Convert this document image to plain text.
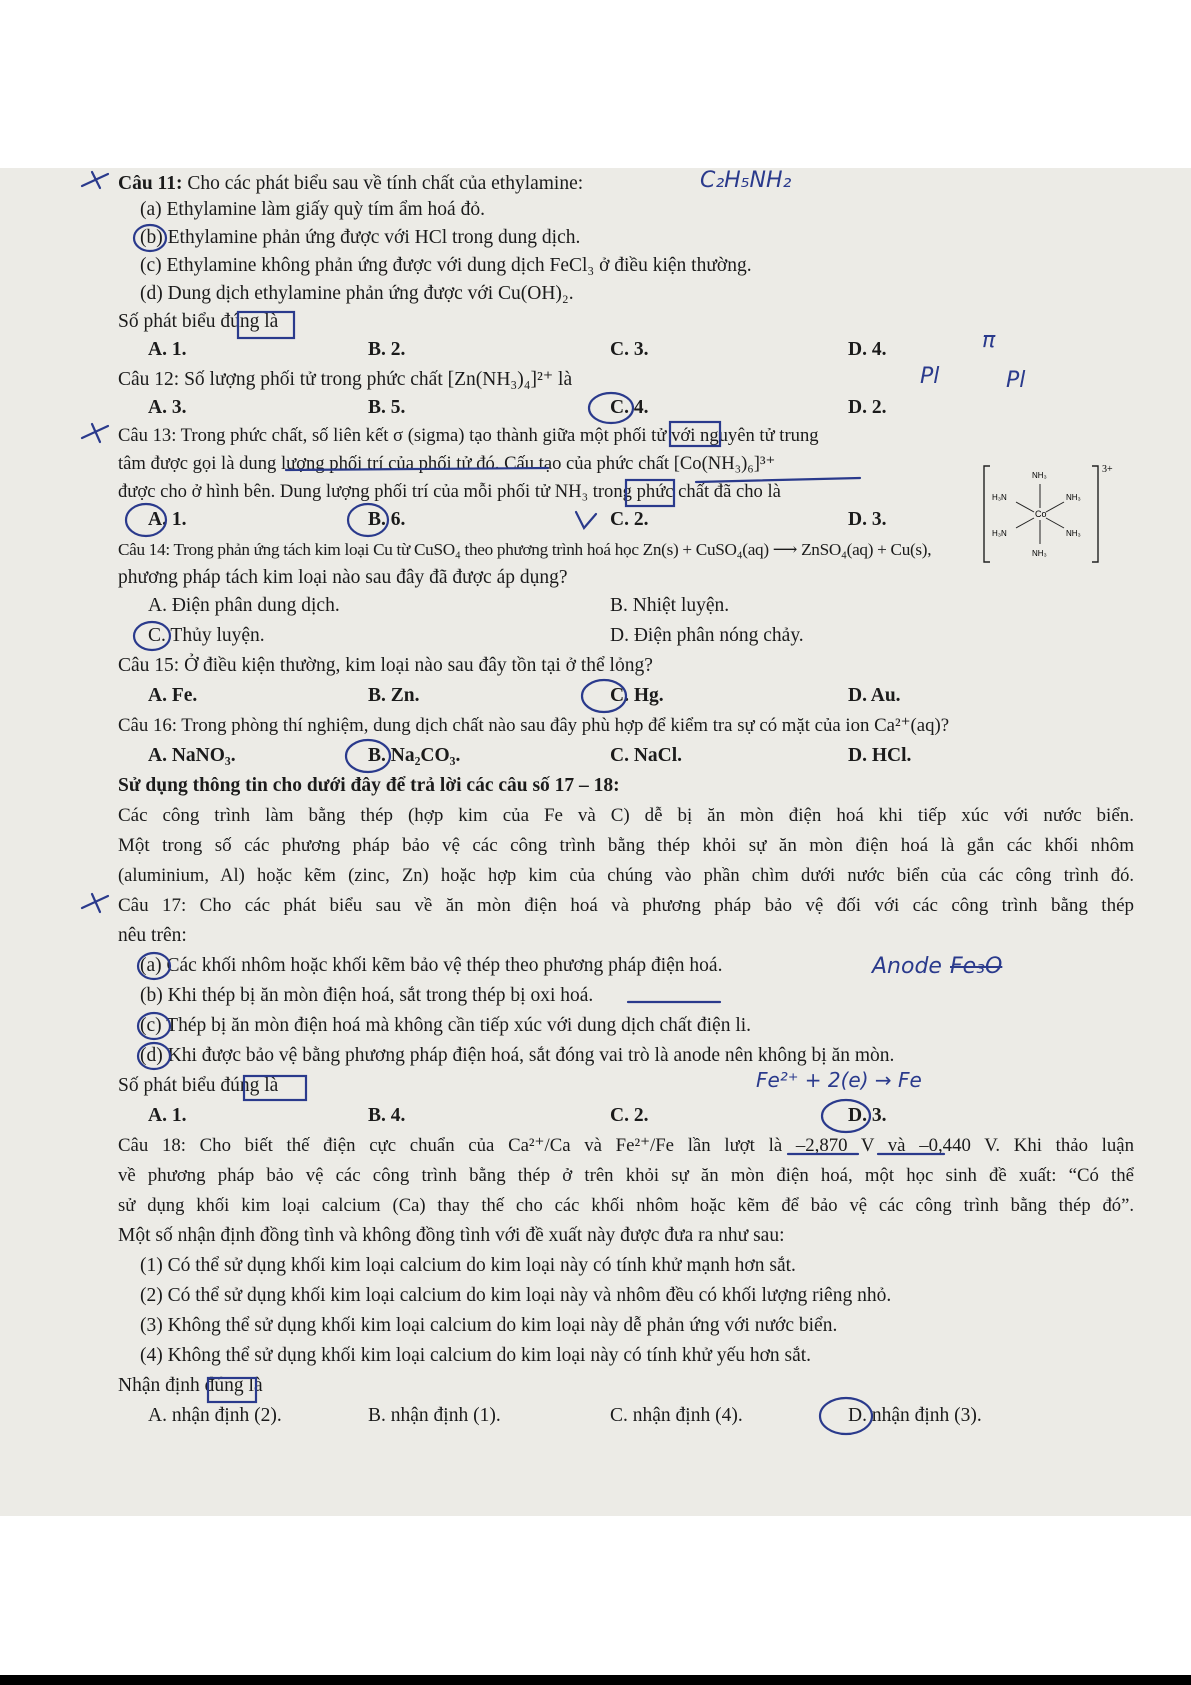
Câu 11: Cho các phát biểu sau về tính chất của ethylamine:
(a) Ethylamine làm giấy quỳ tím ẩm hoá đỏ.
(b) Ethylamine phản ứng được với HCl trong dung dịch.
(c) Ethylamine không phản ứng được với dung dịch FeCl₃ ở điều kiện thường.
(d) Dung dịch ethylamine phản ứng được với Cu(OH)₂.
Số phát biểu đúng là
A. 1.	B. 2.	C. 3.	D. 4.
Câu 12: Số lượng phối tử trong phức chất [Zn(NH₃)₄]²⁺ là
A. 3.	B. 5.	C. 4.	D. 2.
Câu 13: Trong phức chất, số liên kết σ (sigma) tạo thành giữa một phối tử với nguyên tử trung
tâm được gọi là dung lượng phối trí của phối tử đó. Cấu tạo của phức chất [Co(NH₃)₆]³⁺
được cho ở hình bên. Dung lượng phối trí của mỗi phối tử NH₃ trong phức chất đã cho là
A. 1.	B. 6.	C. 2.	D. 3.
3+
Co
NH₃
H₃N	NH₃
H₃N	NH₃
NH₃
Câu 14: Trong phản ứng tách kim loại Cu từ CuSO₄ theo phương trình hoá học Zn(s) + CuSO₄(aq) ⟶ ZnSO₄(aq) + Cu(s),
phương pháp tách kim loại nào sau đây đã được áp dụng?
A. Điện phân dung dịch.	B. Nhiệt luyện.
C. Thủy luyện.	D. Điện phân nóng chảy.
Câu 15: Ở điều kiện thường, kim loại nào sau đây tồn tại ở thể lỏng?
A. Fe.	B. Zn.	C. Hg.	D. Au.
Câu 16: Trong phòng thí nghiệm, dung dịch chất nào sau đây phù hợp để kiểm tra sự có mặt của ion Ca²⁺(aq)?
A. NaNO₃.	B. Na₂CO₃.	C. NaCl.	D. HCl.
Sử dụng thông tin cho dưới đây để trả lời các câu số 17 – 18:
Các công trình làm bằng thép (hợp kim của Fe và C) dễ bị ăn mòn điện hoá khi tiếp xúc với nước biển.
Một trong số các phương pháp bảo vệ các công trình bằng thép khỏi sự ăn mòn điện hoá là gắn các khối nhôm
(aluminium, Al) hoặc kẽm (zinc, Zn) hoặc hợp kim của chúng vào phần chìm dưới nước biển của các công trình đó.
Câu 17: Cho các phát biểu sau về ăn mòn điện hoá và phương pháp bảo vệ đối với các công trình bằng thép
nêu trên:
(a) Các khối nhôm hoặc khối kẽm bảo vệ thép theo phương pháp điện hoá.
(b) Khi thép bị ăn mòn điện hoá, sắt trong thép bị oxi hoá.
(c) Thép bị ăn mòn điện hoá mà không cần tiếp xúc với dung dịch chất điện li.
(d) Khi được bảo vệ bằng phương pháp điện hoá, sắt đóng vai trò là anode nên không bị ăn mòn.
Số phát biểu đúng là
A. 1.	B. 4.	C. 2.	D. 3.
Câu 18: Cho biết thế điện cực chuẩn của Ca²⁺/Ca và Fe²⁺/Fe lần lượt là –2,870 V và –0,440 V. Khi thảo luận
về phương pháp bảo vệ các công trình bằng thép ở trên khỏi sự ăn mòn điện hoá, một học sinh đề xuất: “Có thể
sử dụng khối kim loại calcium (Ca) thay thế cho các khối nhôm hoặc kẽm để bảo vệ các công trình bằng thép đó”.
Một số nhận định đồng tình và không đồng tình với đề xuất này được đưa ra như sau:
(1) Có thể sử dụng khối kim loại calcium do kim loại này có tính khử mạnh hơn sắt.
(2) Có thể sử dụng khối kim loại calcium do kim loại này và nhôm đều có khối lượng riêng nhỏ.
(3) Không thể sử dụng khối kim loại calcium do kim loại này dễ phản ứng với nước biển.
(4) Không thể sử dụng khối kim loại calcium do kim loại này có tính khử yếu hơn sắt.
Nhận định đúng là
A. nhận định (2).	B. nhận định (1).	C. nhận định (4).	D. nhận định (3).
C₂H₅NH₂
π
Pl	Pl
Anode Fe₃O
Fe²⁺ + 2(e) → Fe
